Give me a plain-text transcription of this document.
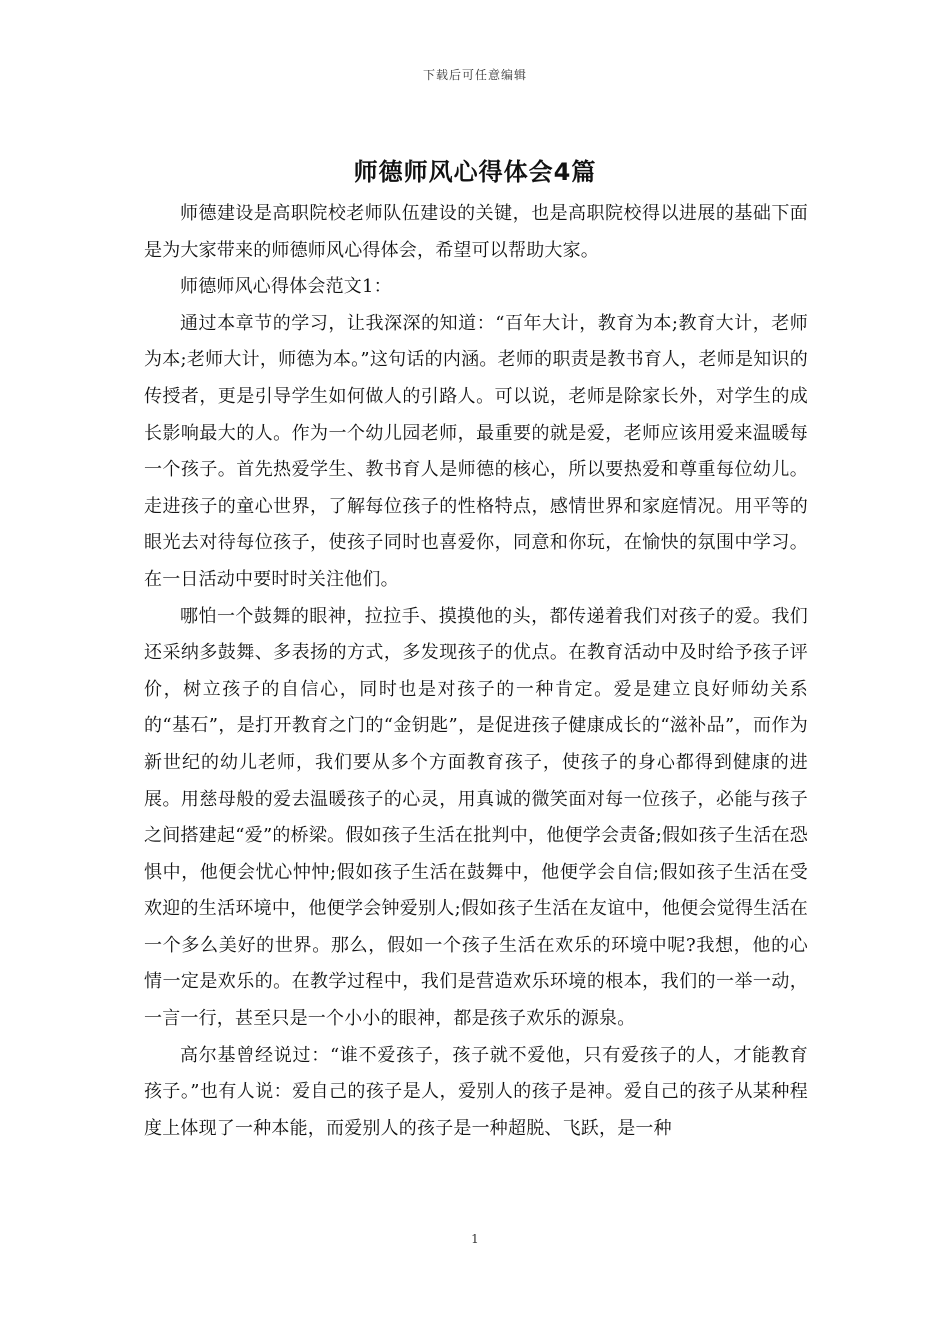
下载后可任意编辑
师德师风心得体会4篇

师德建设是高职院校老师队伍建设的关键，也是高职院校得以进展的基础下面是为大家带来的师德师风心得体会，希望可以帮助大家。

师德师风心得体会范文1：

通过本章节的学习，让我深深的知道：“百年大计，教育为本;教育大计，老师为本;老师大计，师德为本。”这句话的内涵。老师的职责是教书育人，老师是知识的传授者，更是引导学生如何做人的引路人。可以说，老师是除家长外，对学生的成长影响最大的人。作为一个幼儿园老师，最重要的就是爱，老师应该用爱来温暖每一个孩子。首先热爱学生、教书育人是师德的核心，所以要热爱和尊重每位幼儿。走进孩子的童心世界，了解每位孩子的性格特点，感情世界和家庭情况。用平等的眼光去对待每位孩子，使孩子同时也喜爱你，同意和你玩，在愉快的氛围中学习。在一日活动中要时时关注他们。

哪怕一个鼓舞的眼神，拉拉手、摸摸他的头，都传递着我们对孩子的爱。我们还采纳多鼓舞、多表扬的方式，多发现孩子的优点。在教育活动中及时给予孩子评价，树立孩子的自信心，同时也是对孩子的一种肯定。爱是建立良好师幼关系的“基石”，是打开教育之门的“金钥匙”，是促进孩子健康成长的“滋补品”，而作为新世纪的幼儿老师，我们要从多个方面教育孩子，使孩子的身心都得到健康的进展。用慈母般的爱去温暖孩子的心灵，用真诚的微笑面对每一位孩子，必能与孩子之间搭建起“爱”的桥梁。假如孩子生活在批判中，他便学会责备;假如孩子生活在恐惧中，他便会忧心忡忡;假如孩子生活在鼓舞中，他便学会自信;假如孩子生活在受欢迎的生活环境中，他便学会钟爱别人;假如孩子生活在友谊中，他便会觉得生活在一个多么美好的世界。那么，假如一个孩子生活在欢乐的环境中呢?我想，他的心情一定是欢乐的。在教学过程中，我们是营造欢乐环境的根本，我们的一举一动，一言一行，甚至只是一个小小的眼神，都是孩子欢乐的源泉。

高尔基曾经说过：“谁不爱孩子，孩子就不爱他，只有爱孩子的人，才能教育孩子。”也有人说：爱自己的孩子是人，爱别人的孩子是神。爱自己的孩子从某种程度上体现了一种本能，而爱别人的孩子是一种超脱、飞跃，是一种

1
